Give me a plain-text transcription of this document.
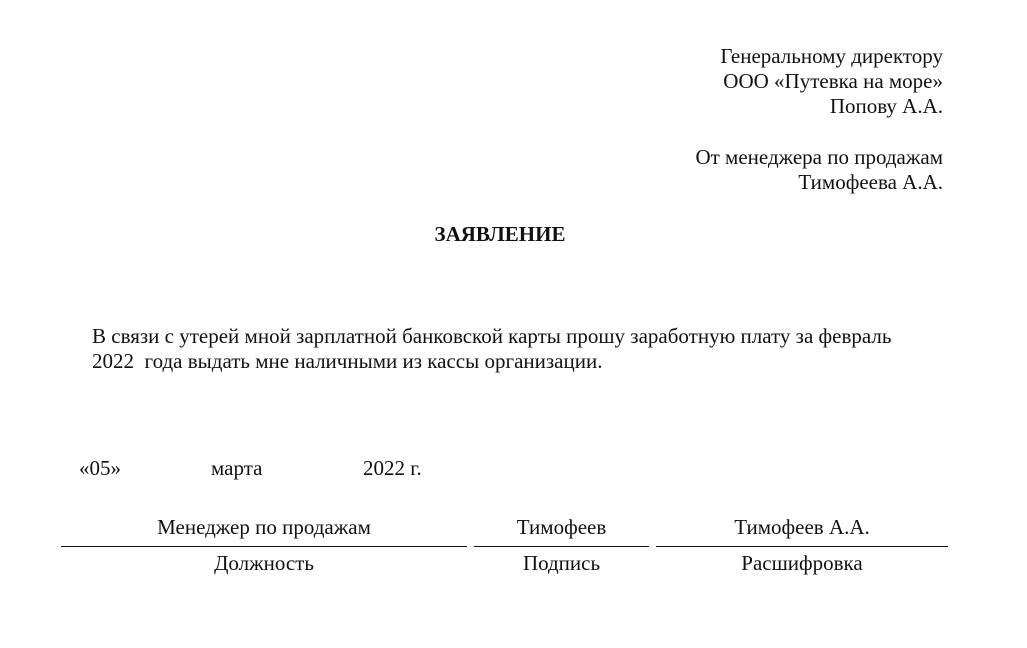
Генеральному директору
ООО «Путевка на море»
Попову А.А.
От менеджера по продажам
Тимофеева А.А.
ЗАЯВЛЕНИЕ
В связи с утерей мной зарплатной банковской карты прошу заработную плату за февраль
2022  года выдать мне наличными из кассы организации.
«05»	марта	2022 г.
Менеджер по продажам
Должность
Тимофеев
Подпись
Тимофеев А.А.
Расшифровка
